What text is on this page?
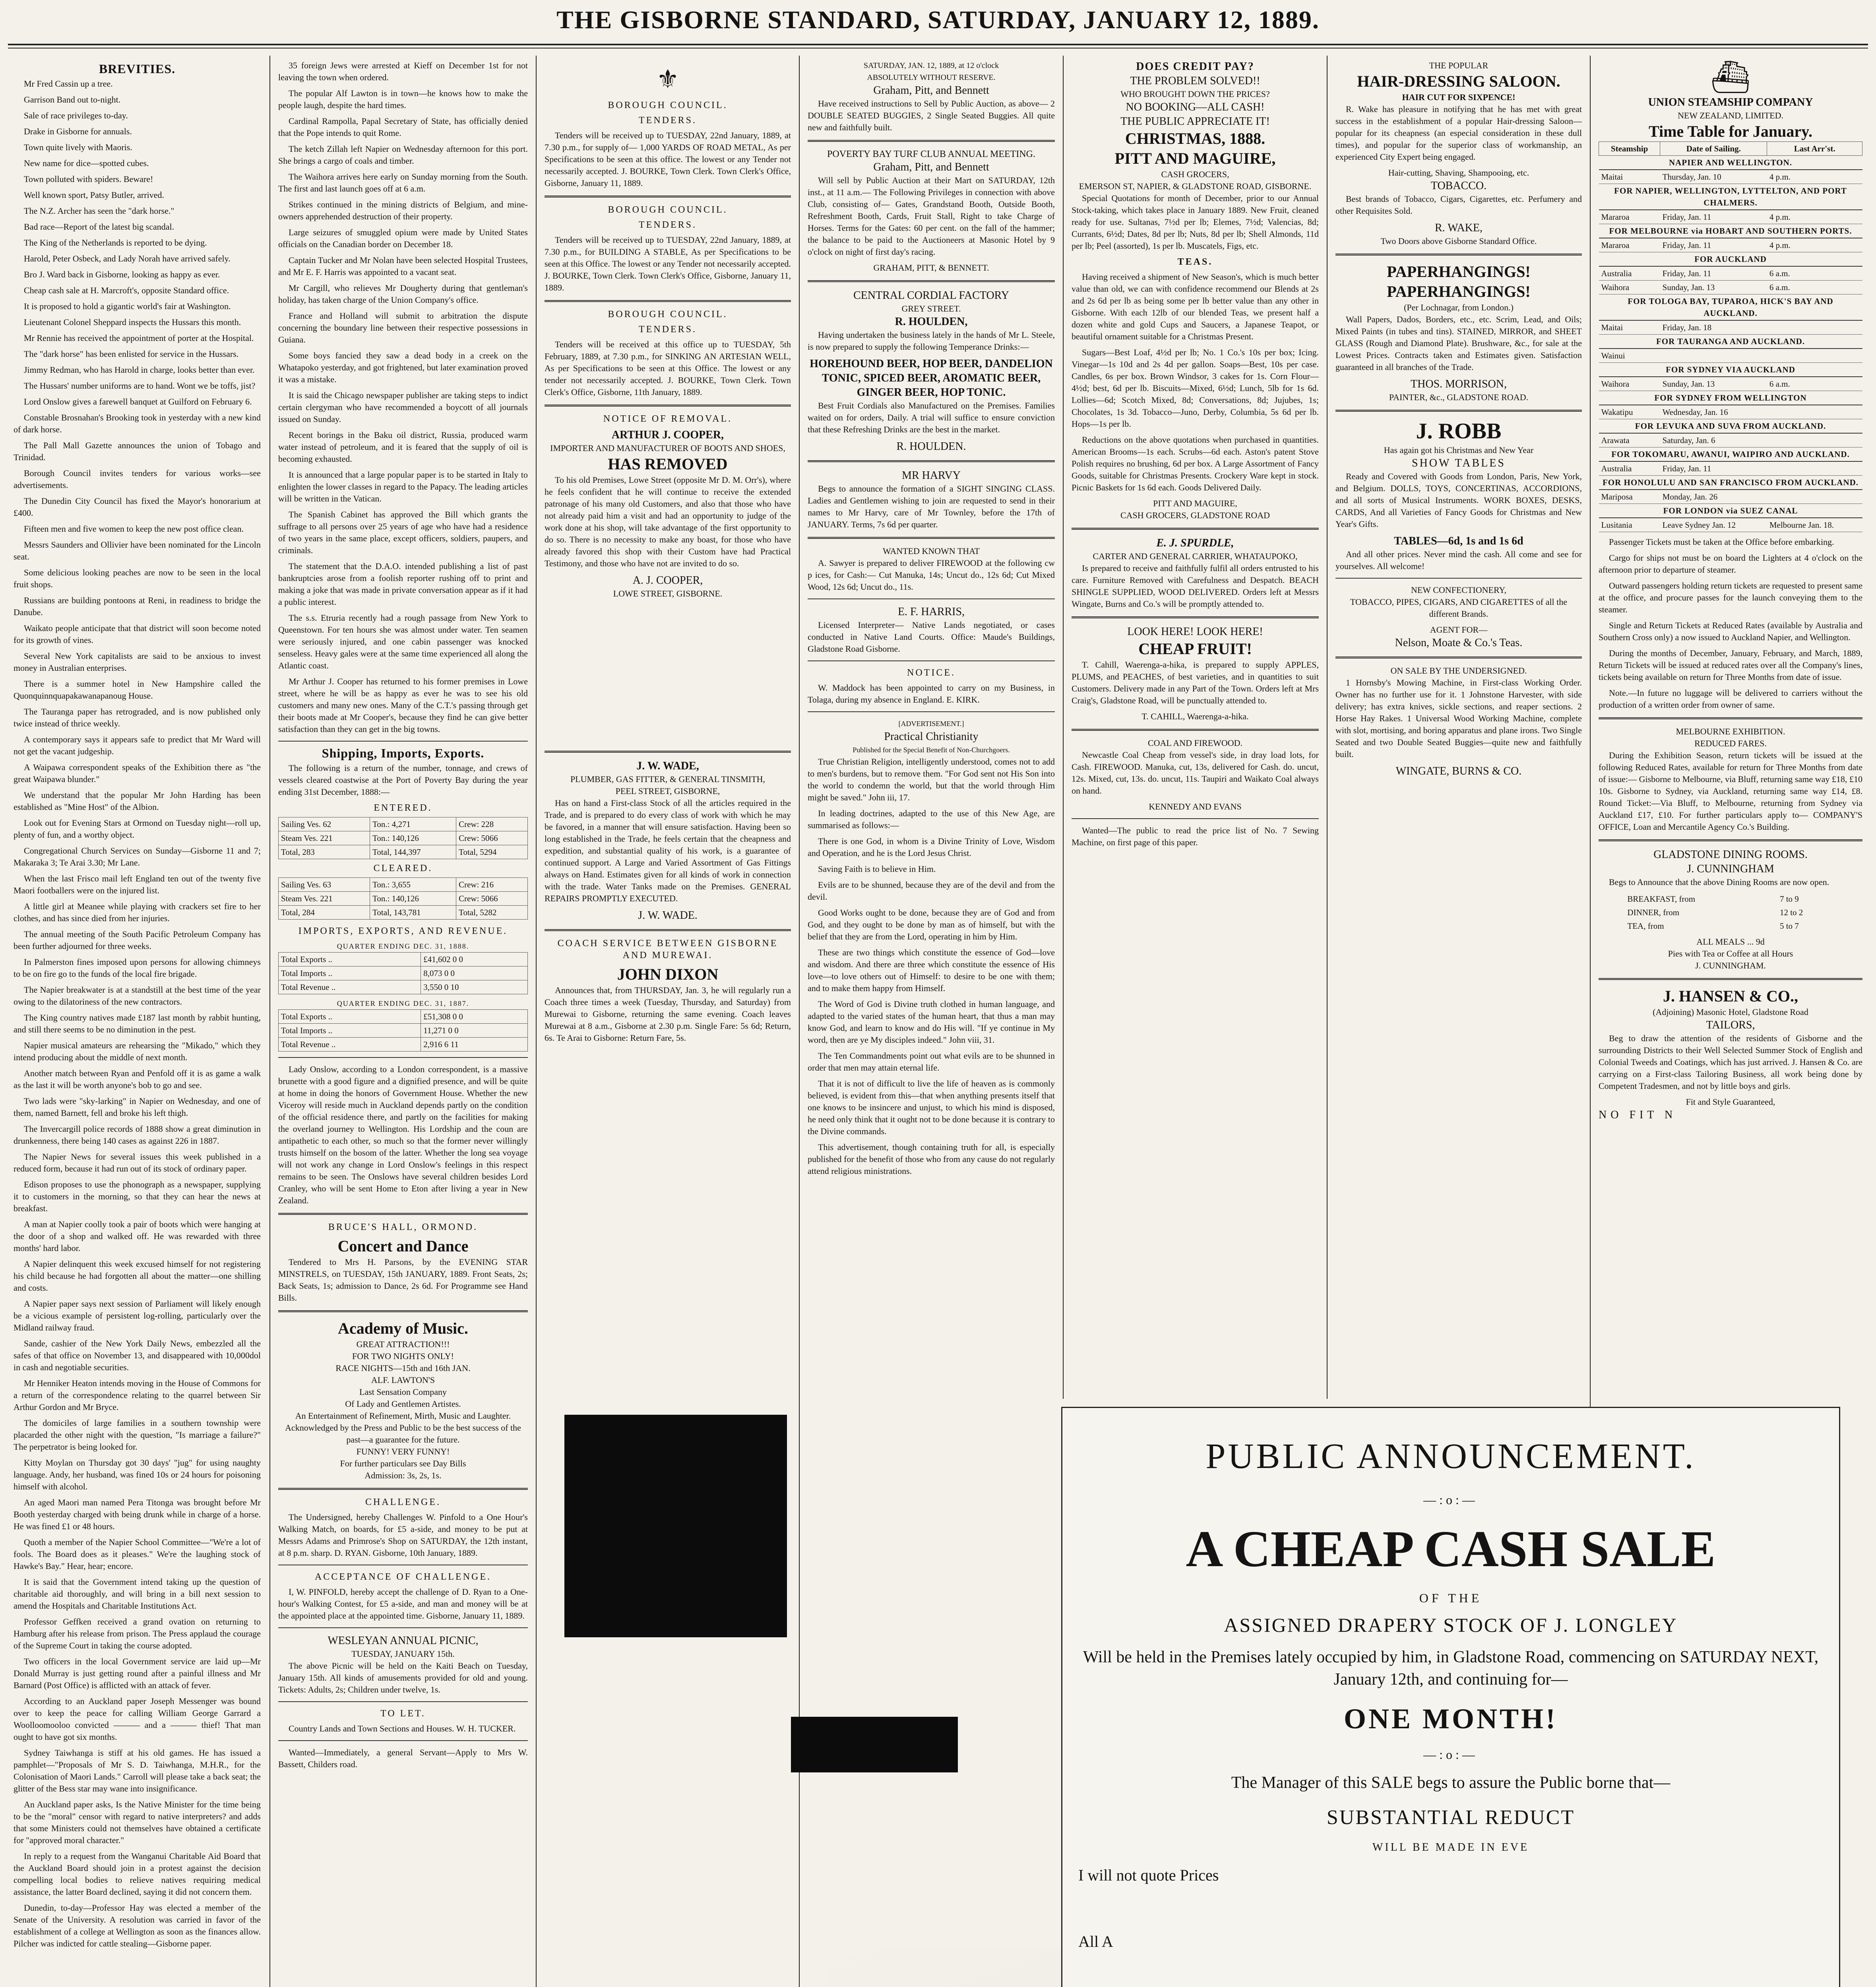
THE GISBORNE STANDARD, SATURDAY, JANUARY 12, 1889.
BREVITIES.

Mr Fred Cassin up a tree.

Garrison Band out to-night.

Sale of race privileges to-day.

Drake in Gisborne for annuals.

Town quite lively with Maoris.

New name for dice—spotted cubes.

Town polluted with spiders. Beware!

Well known sport, Patsy Butler, arrived.

The N.Z. Archer has seen the "dark horse."

Bad race—Report of the latest big scandal.

The King of the Netherlands is reported to be dying.

Harold, Peter Osbeck, and Lady Norah have arrived safely.

Bro J. Ward back in Gisborne, looking as happy as ever.

Cheap cash sale at H. Marcroft's, opposite Standard office.

It is proposed to hold a gigantic world's fair at Washington.

Lieutenant Colonel Sheppard inspects the Hussars this month.

Mr Rennie has received the appointment of porter at the Hospital.

The "dark horse" has been enlisted for service in the Hussars.

Jimmy Redman, who has Harold in charge, looks better than ever.

The Hussars' number uniforms are to hand. Wont we be toffs, jist?

Lord Onslow gives a farewell banquet at Guilford on February 6.

Constable Brosnahan's Brooking took in yesterday with a new kind of dark horse.

The Pall Mall Gazette announces the union of Tobago and Trinidad.

Borough Council invites tenders for various works—see advertisements.

The Dunedin City Council has fixed the Mayor's honorarium at £400.

Fifteen men and five women to keep the new post office clean.

Messrs Saunders and Ollivier have been nominated for the Lincoln seat.

Some delicious looking peaches are now to be seen in the local fruit shops.

Russians are building pontoons at Reni, in readiness to bridge the Danube.

Waikato people anticipate that that district will soon become noted for its growth of vines.

Several New York capitalists are said to be anxious to invest money in Australian enterprises.

There is a summer hotel in New Hampshire called the Quonquinnquapakawanapanoug House.

The Tauranga paper has retrograded, and is now published only twice instead of thrice weekly.

A contemporary says it appears safe to predict that Mr Ward will not get the vacant judgeship.

A Waipawa correspondent speaks of the Exhibition there as "the great Waipawa blunder."

We understand that the popular Mr John Harding has been established as "Mine Host" of the Albion.

Look out for Evening Stars at Ormond on Tuesday night—roll up, plenty of fun, and a worthy object.

Congregational Church Services on Sunday—Gisborne 11 and 7; Makaraka 3; Te Arai 3.30; Mr Lane.

When the last Frisco mail left England ten out of the twenty five Maori footballers were on the injured list.

A little girl at Meanee while playing with crackers set fire to her clothes, and has since died from her injuries.

The annual meeting of the South Pacific Petroleum Company has been further adjourned for three weeks.

In Palmerston fines imposed upon persons for allowing chimneys to be on fire go to the funds of the local fire brigade.

The Napier breakwater is at a standstill at the best time of the year owing to the dilatoriness of the new contractors.

The King country natives made £187 last month by rabbit hunting, and still there seems to be no diminution in the pest.

Napier musical amateurs are rehearsing the "Mikado," which they intend producing about the middle of next month.

Another match between Ryan and Penfold off it is as game a walk as the last it will be worth anyone's bob to go and see.

Two lads were "sky-larking" in Napier on Wednesday, and one of them, named Barnett, fell and broke his left thigh.

The Invercargill police records of 1888 show a great diminution in drunkenness, there being 140 cases as against 226 in 1887.

The Napier News for several issues this week published in a reduced form, because it had run out of its stock of ordinary paper.

Edison proposes to use the phonograph as a newspaper, supplying it to customers in the morning, so that they can hear the news at breakfast.

A man at Napier coolly took a pair of boots which were hanging at the door of a shop and walked off. He was rewarded with three months' hard labor.

A Napier delinquent this week excused himself for not registering his child because he had forgotten all about the matter—one shilling and costs.

A Napier paper says next session of Parliament will likely enough be a vicious example of persistent log-rolling, particularly over the Midland railway fraud.

Sande, cashier of the New York Daily News, embezzled all the safes of that office on November 13, and disappeared with 10,000dol in cash and negotiable securities.

Mr Henniker Heaton intends moving in the House of Commons for a return of the correspondence relating to the quarrel between Sir Arthur Gordon and Mr Bryce.

The domiciles of large families in a southern township were placarded the other night with the question, "Is marriage a failure?" The perpetrator is being looked for.

Kitty Moylan on Thursday got 30 days' "jug" for using naughty language. Andy, her husband, was fined 10s or 24 hours for poisoning himself with alcohol.

An aged Maori man named Pera Titonga was brought before Mr Booth yesterday charged with being drunk while in charge of a horse. He was fined £1 or 48 hours.

Quoth a member of the Napier School Committee—"We're a lot of fools. The Board does as it pleases." We're the laughing stock of Hawke's Bay." Hear, hear; encore.

It is said that the Government intend taking up the question of charitable aid thoroughly, and will bring in a bill next session to amend the Hospitals and Charitable Institutions Act.

Professor Geffken received a grand ovation on returning to Hamburg after his release from prison. The Press applaud the courage of the Supreme Court in taking the course adopted.

Two officers in the local Government service are laid up—Mr Donald Murray is just getting round after a painful illness and Mr Barnard (Post Office) is afflicted with an attack of fever.

According to an Auckland paper Joseph Messenger was bound over to keep the peace for calling William George Garrard a Woolloomooloo convicted ——— and a ——— thief! That man ought to have got six months.

Sydney Taiwhanga is stiff at his old games. He has issued a pamphlet—"Proposals of Mr S. D. Taiwhanga, M.H.R., for the Colonisation of Maori Lands." Carroll will please take a back seat; the glitter of the Bess star may wane into insignificance.

An Auckland paper asks, Is the Native Minister for the time being to be the "moral" censor with regard to native interpreters? and adds that some Ministers could not themselves have obtained a certificate for "approved moral character."

In reply to a request from the Wanganui Charitable Aid Board that the Auckland Board should join in a protest against the decision compelling local bodies to relieve natives requiring medical assistance, the latter Board declined, saying it did not concern them.

Dunedin, to-day—Professor Hay was elected a member of the Senate of the University. A resolution was carried in favor of the establishment of a college at Wellington as soon as the finances allow. Pilcher was indicted for cattle stealing—Gisborne paper.

35 foreign Jews were arrested at Kieff on December 1st for not leaving the town when ordered.

The popular Alf Lawton is in town—he knows how to make the people laugh, despite the hard times.

Cardinal Rampolla, Papal Secretary of State, has officially denied that the Pope intends to quit Rome.

The ketch Zillah left Napier on Wednesday afternoon for this port. She brings a cargo of coals and timber.

The Waihora arrives here early on Sunday morning from the South. The first and last launch goes off at 6 a.m.

Strikes continued in the mining districts of Belgium, and mine-owners apprehended destruction of their property.

Large seizures of smuggled opium were made by United States officials on the Canadian border on December 18.

Captain Tucker and Mr Nolan have been selected Hospital Trustees, and Mr E. F. Harris was appointed to a vacant seat.

Mr Cargill, who relieves Mr Dougherty during that gentleman's holiday, has taken charge of the Union Company's office.

France and Holland will submit to arbitration the dispute concerning the boundary line between their respective possessions in Guiana.

Some boys fancied they saw a dead body in a creek on the Whatapoko yesterday, and got frightened, but later examination proved it was a mistake.

It is said the Chicago newspaper publisher are taking steps to indict certain clergyman who have recommended a boycott of all journals issued on Sunday.

Recent borings in the Baku oil district, Russia, produced warm water instead of petroleum, and it is feared that the supply of oil is becoming exhausted.

It is announced that a large popular paper is to be started in Italy to enlighten the lower classes in regard to the Papacy. The leading articles will be written in the Vatican.

The Spanish Cabinet has approved the Bill which grants the suffrage to all persons over 25 years of age who have had a residence of two years in the same place, except officers, soldiers, paupers, and criminals.

The statement that the D.A.O. intended publishing a list of past bankruptcies arose from a foolish reporter rushing off to print and making a joke that was made in private conversation appear as if it had a public interest.

The s.s. Etruria recently had a rough passage from New York to Queenstown. For ten hours she was almost under water. Ten seamen were seriously injured, and one cabin passenger was knocked senseless. Heavy gales were at the same time experienced all along the Atlantic coast.

Mr Arthur J. Cooper has returned to his former premises in Lowe street, where he will be as happy as ever he was to see his old customers and many new ones. Many of the C.T.'s passing through get their boots made at Mr Cooper's, because they find he can give better satisfaction than they can get in the big towns.

Shipping, Imports, Exports.

The following is a return of the number, tonnage, and crews of vessels cleared coastwise at the Port of Poverty Bay during the year ending 31st December, 1888:—

ENTERED.
Sailing Ves. 62	Ton.: 4,271	Crew: 228
Steam Ves. 221	Ton.: 140,126	Crew: 5066
Total, 283	Total, 144,397	Total, 5294
CLEARED.
Sailing Ves. 63	Ton.: 3,655	Crew: 216
Steam Ves. 221	Ton.: 140,126	Crew: 5066
Total, 284	Total, 143,781	Total, 5282
IMPORTS, EXPORTS, AND REVENUE.
QUARTER ENDING DEC. 31, 1888.
Total Exports ..	£41,602 0 0
Total Imports ..	8,073 0 0
Total Revenue ..	3,550 0 10
QUARTER ENDING DEC. 31, 1887.
Total Exports ..	£51,308 0 0
Total Imports ..	11,271 0 0
Total Revenue ..	2,916 6 11

Lady Onslow, according to a London correspondent, is a massive brunette with a good figure and a dignified presence, and will be quite at home in doing the honors of Government House. Whether the new Viceroy will reside much in Auckland depends partly on the condition of the official residence there, and partly on the facilities for making the overland journey to Wellington. His Lordship and the coun are antipathetic to each other, so much so that the former never willingly trusts himself on the bosom of the latter. Whether the long sea voyage will not work any change in Lord Onslow's feelings in this respect remains to be seen. The Onslows have several children besides Lord Cranley, who will be sent Home to Eton after living a year in New Zealand.

BRUCE'S HALL, ORMOND.
Concert and Dance

Tendered to Mrs H. Parsons, by the EVENING STAR MINSTRELS, on TUESDAY, 15th JANUARY, 1889. Front Seats, 2s; Back Seats, 1s; admission to Dance, 2s 6d. For Programme see Hand Bills.

Academy of Music.
GREAT ATTRACTION!!!
FOR TWO NIGHTS ONLY!
RACE NIGHTS—15th and 16th JAN.
ALF. LAWTON'S
Last Sensation Company
Of Lady and Gentlemen Artistes.
An Entertainment of Refinement, Mirth, Music and Laughter.
Acknowledged by the Press and Public to be the best success of the past—a guarantee for the future.
FUNNY! VERY FUNNY!
For further particulars see Day Bills
Admission: 3s, 2s, 1s.
CHALLENGE.

The Undersigned, hereby Challenges W. Pinfold to a One Hour's Walking Match, on boards, for £5 a-side, and money to be put at Messrs Adams and Primrose's Shop on SATURDAY, the 12th instant, at 8 p.m. sharp. D. RYAN. Gisborne, 10th January, 1889.

ACCEPTANCE OF CHALLENGE.

I, W. PINFOLD, hereby accept the challenge of D. Ryan to a One-hour's Walking Contest, for £5 a-side, and man and money will be at the appointed place at the appointed time. Gisborne, January 11, 1889.

WESLEYAN ANNUAL PICNIC,
TUESDAY, JANUARY 15th.

The above Picnic will be held on the Kaiti Beach on Tuesday, January 15th. All kinds of amusements provided for old and young. Tickets: Adults, 2s; Children under twelve, 1s.

TO LET.

Country Lands and Town Sections and Houses. W. H. TUCKER.

Wanted—Immediately, a general Servant—Apply to Mrs W. Bassett, Childers road.

⚜
BOROUGH COUNCIL.
TENDERS.

Tenders will be received up to TUESDAY, 22nd January, 1889, at 7.30 p.m., for supply of— 1,000 YARDS OF ROAD METAL, As per Specifications to be seen at this office. The lowest or any Tender not necessarily accepted. J. BOURKE, Town Clerk. Town Clerk's Office, Gisborne, January 11, 1889.

BOROUGH COUNCIL.
TENDERS.

Tenders will be received up to TUESDAY, 22nd January, 1889, at 7.30 p.m., for BUILDING A STABLE, As per Specifications to be seen at this Office. The lowest or any Tender not necessarily accepted. J. BOURKE, Town Clerk. Town Clerk's Office, Gisborne, January 11, 1889.

BOROUGH COUNCIL.
TENDERS.

Tenders will be received at this office up to TUESDAY, 5th February, 1889, at 7.30 p.m., for SINKING AN ARTESIAN WELL, As per Specifications to be seen at this Office. The lowest or any tender not necessarily accepted. J. BOURKE, Town Clerk. Town Clerk's Office, Gisborne, 11th January, 1889.

NOTICE OF REMOVAL.
ARTHUR J. COOPER,
IMPORTER AND MANUFACTURER OF BOOTS AND SHOES,
HAS REMOVED

To his old Premises, Lowe Street (opposite Mr D. M. Orr's), where he feels confident that he will continue to receive the extended patronage of his many old Customers, and also that those who have not already paid him a visit and had an opportunity to judge of the work done at his shop, will take advantage of the first opportunity to do so. There is no necessity to make any boast, for those who have already favored this shop with their Custom have had Practical Testimony, and those who have not are invited to do so.

A. J. COOPER,
LOWE STREET, GISBORNE.
J. W. WADE,
PLUMBER, GAS FITTER, & GENERAL TINSMITH,
PEEL STREET, GISBORNE,

Has on hand a First-class Stock of all the articles required in the Trade, and is prepared to do every class of work with which he may be favored, in a manner that will ensure satisfaction. Having been so long established in the Trade, he feels certain that the cheapness and expedition, and substantial quality of his work, is a guarantee of continued support. A Large and Varied Assortment of Gas Fittings always on Hand. Estimates given for all kinds of work in connection with the trade. Water Tanks made on the Premises. GENERAL REPAIRS PROMPTLY EXECUTED.

J. W. WADE.
COACH SERVICE BETWEEN GISBORNE AND MUREWAI.
JOHN DIXON

Announces that, from THURSDAY, Jan. 3, he will regularly run a Coach three times a week (Tuesday, Thursday, and Saturday) from Murewai to Gisborne, returning the same evening. Coach leaves Murewai at 8 a.m., Gisborne at 2.30 p.m. Single Fare: 5s 6d; Return, 6s. Te Arai to Gisborne: Return Fare, 5s.

SATURDAY, JAN. 12, 1889, at 12 o'clock
ABSOLUTELY WITHOUT RESERVE.
Graham, Pitt, and Bennett

Have received instructions to Sell by Public Auction, as above— 2 DOUBLE SEATED BUGGIES, 2 Single Seated Buggies. All quite new and faithfully built.

POVERTY BAY TURF CLUB ANNUAL MEETING.
Graham, Pitt, and Bennett

Will sell by Public Auction at their Mart on SATURDAY, 12th inst., at 11 a.m.— The Following Privileges in connection with above Club, consisting of— Gates, Grandstand Booth, Outside Booth, Refreshment Booth, Cards, Fruit Stall, Right to take Charge of Horses. Terms for the Gates: 60 per cent. on the fall of the hammer; the balance to be paid to the Auctioneers at Masonic Hotel by 9 o'clock on night of first day's racing.

GRAHAM, PITT, & BENNETT.
CENTRAL CORDIAL FACTORY
GREY STREET.
R. HOULDEN,

Having undertaken the business lately in the hands of Mr L. Steele, is now prepared to supply the following Temperance Drinks:—

HOREHOUND BEER, HOP BEER, DANDELION TONIC, SPICED BEER, AROMATIC BEER, GINGER BEER, HOP TONIC.

Best Fruit Cordials also Manufactured on the Premises. Families waited on for orders, Daily. A trial will suffice to ensure conviction that these Refreshing Drinks are the best in the market.

R. HOULDEN.
MR HARVY

Begs to announce the formation of a SIGHT SINGING CLASS. Ladies and Gentlemen wishing to join are requested to send in their names to Mr Harvy, care of Mr Townley, before the 17th of JANUARY. Terms, 7s 6d per quarter.

WANTED KNOWN THAT

A. Sawyer is prepared to deliver FIREWOOD at the following cw p ices, for Cash:— Cut Manuka, 14s; Uncut do., 12s 6d; Cut Mixed Wood, 12s 6d; Uncut do., 11s.

E. F. HARRIS,

Licensed Interpreter— Native Lands negotiated, or cases conducted in Native Land Courts. Office: Maude's Buildings, Gladstone Road Gisborne.

NOTICE.

W. Maddock has been appointed to carry on my Business, in Tolaga, during my absence in England. E. KIRK.

[ADVERTISEMENT.]
Practical Christianity
Published for the Special Benefit of Non-Churchgoers.

True Christian Religion, intelligently understood, comes not to add to men's burdens, but to remove them. "For God sent not His Son into the world to condemn the world, but that the world through Him might be saved." John iii, 17.

In leading doctrines, adapted to the use of this New Age, are summarised as follows:—

There is one God, in whom is a Divine Trinity of Love, Wisdom and Operation, and he is the Lord Jesus Christ.

Saving Faith is to believe in Him.

Evils are to be shunned, because they are of the devil and from the devil.

Good Works ought to be done, because they are of God and from God, and they ought to be done by man as of himself, but with the belief that they are from the Lord, operating in him by Him.

These are two things which constitute the essence of God—love and wisdom. And there are three which constitute the essence of His love—to love others out of Himself: to desire to be one with them; and to make them happy from Himself.

The Word of God is Divine truth clothed in human language, and adapted to the varied states of the human heart, that thus a man may know God, and learn to know and do His will. "If ye continue in My word, then are ye My disciples indeed." John viii, 31.

The Ten Commandments point out what evils are to be shunned in order that men may attain eternal life.

That it is not of difficult to live the life of heaven as is commonly believed, is evident from this—that when anything presents itself that one knows to be insincere and unjust, to which his mind is disposed, he need only think that it ought not to be done because it is contrary to the Divine commands.

This advertisement, though containing truth for all, is especially published for the benefit of those who from any cause do not regularly attend religious ministrations.

DOES CREDIT PAY?
THE PROBLEM SOLVED!!
WHO BROUGHT DOWN THE PRICES?
NO BOOKING—ALL CASH!
THE PUBLIC APPRECIATE IT!
CHRISTMAS, 1888.
PITT AND MAGUIRE,
CASH GROCERS,
EMERSON ST, NAPIER, & GLADSTONE ROAD, GISBORNE.

Special Quotations for month of December, prior to our Annual Stock-taking, which takes place in January 1889. New Fruit, cleaned ready for use. Sultanas, 7½d per lb; Elemes, 7½d; Valencias, 8d; Currants, 6½d; Dates, 8d per lb; Nuts, 8d per lb; Shell Almonds, 11d per lb; Peel (assorted), 1s per lb. Muscatels, Figs, etc.

TEAS.

Having received a shipment of New Season's, which is much better value than old, we can with confidence recommend our Blends at 2s and 2s 6d per lb as being some per lb better value than any other in Gisborne. With each 12lb of our blended Teas, we present half a dozen white and gold Cups and Saucers, a Japanese Teapot, or beautiful ornament suitable for a Christmas Present.

Sugars—Best Loaf, 4½d per lb; No. 1 Co.'s 10s per box; Icing. Vinegar—1s 10d and 2s 4d per gallon. Soaps—Best, 10s per case. Candles, 6s per box. Brown Windsor, 3 cakes for 1s. Corn Flour—4½d; best, 6d per lb. Biscuits—Mixed, 6½d; Lunch, 5lb for 1s 6d. Lollies—6d; Scotch Mixed, 8d; Conversations, 8d; Jujubes, 1s; Chocolates, 1s 3d. Tobacco—Juno, Derby, Columbia, 5s 6d per lb. Hops—1s per lb.

Reductions on the above quotations when purchased in quantities. American Brooms—1s each. Scrubs—6d each. Aston's patent Stove Polish requires no brushing, 6d per box. A Large Assortment of Fancy Goods, suitable for Christmas Presents. Crockery Ware kept in stock. Picnic Baskets for 1s 6d each. Goods Delivered Daily.

PITT AND MAGUIRE,
CASH GROCERS, GLADSTONE ROAD
E. J. SPURDLE,
CARTER AND GENERAL CARRIER, WHATAUPOKO,

Is prepared to receive and faithfully fulfil all orders entrusted to his care. Furniture Removed with Carefulness and Despatch. BEACH SHINGLE SUPPLIED, WOOD DELIVERED. Orders left at Messrs Wingate, Burns and Co.'s will be promptly attended to.

LOOK HERE! LOOK HERE!
CHEAP FRUIT!

T. Cahill, Waerenga-a-hika, is prepared to supply APPLES, PLUMS, and PEACHES, of best varieties, and in quantities to suit Customers. Delivery made in any Part of the Town. Orders left at Mrs Craig's, Gladstone Road, will be punctually attended to.

T. CAHILL, Waerenga-a-hika.
COAL AND FIREWOOD.

Newcastle Coal Cheap from vessel's side, in dray load lots, for Cash. FIREWOOD. Manuka, cut, 13s, delivered for Cash. do. uncut, 12s. Mixed, cut, 13s. do. uncut, 11s. Taupiri and Waikato Coal always on hand.

KENNEDY AND EVANS

Wanted—The public to read the price list of No. 7 Sewing Machine, on first page of this paper.

THE POPULAR
HAIR-DRESSING SALOON.
HAIR CUT FOR SIXPENCE!

R. Wake has pleasure in notifying that he has met with great success in the establishment of a popular Hair-dressing Saloon—popular for its cheapness (an especial consideration in these dull times), and popular for the superior class of workmanship, an experienced City Expert being engaged.

Hair-cutting, Shaving, Shampooing, etc.
TOBACCO.

Best brands of Tobacco, Cigars, Cigarettes, etc. Perfumery and other Requisites Sold.

R. WAKE,
Two Doors above Gisborne Standard Office.
PAPERHANGINGS!
PAPERHANGINGS!
(Per Lochnagar, from London.)

Wall Papers, Dados, Borders, etc., etc. Scrim, Lead, and Oils; Mixed Paints (in tubes and tins). STAINED, MIRROR, and SHEET GLASS (Rough and Diamond Plate). Brushware, &c., for sale at the Lowest Prices. Contracts taken and Estimates given. Satisfaction guaranteed in all branches of the Trade.

THOS. MORRISON,
PAINTER, &c., GLADSTONE ROAD.
J. ROBB
Has again got his Christmas and New Year
SHOW TABLES

Ready and Covered with Goods from London, Paris, New York, and Belgium. DOLLS, TOYS, CONCERTINAS, ACCORDIONS, and all sorts of Musical Instruments. WORK BOXES, DESKS, CARDS, And all Varieties of Fancy Goods for Christmas and New Year's Gifts.

TABLES—6d, 1s and 1s 6d

And all other prices. Never mind the cash. All come and see for yourselves. All welcome!

NEW CONFECTIONERY,
TOBACCO, PIPES, CIGARS, AND CIGARETTES of all the different Brands.
AGENT FOR—
Nelson, Moate & Co.'s Teas.
ON SALE BY THE UNDERSIGNED.

1 Hornsby's Mowing Machine, in First-class Working Order. Owner has no further use for it. 1 Johnstone Harvester, with side delivery; has extra knives, sickle sections, and reaper sections. 2 Horse Hay Rakes. 1 Universal Wood Working Machine, complete with slot, mortising, and boring apparatus and plane irons. Two Single Seated and two Double Seated Buggies—quite new and faithfully built.

WINGATE, BURNS & CO.
⛴
UNION STEAMSHIP COMPANY
NEW ZEALAND, LIMITED.
Time Table for January.
Steamship	Date of Sailing.	Last Arr'st.
NAPIER AND WELLINGTON.		
Maitai	Thursday, Jan. 10	4 p.m.
FOR NAPIER, WELLINGTON, LYTTELTON, AND PORT CHALMERS.		
Mararoa	Friday, Jan. 11	4 p.m.
FOR MELBOURNE via HOBART AND SOUTHERN PORTS.		
Mararoa	Friday, Jan. 11	4 p.m.
FOR AUCKLAND		
Australia	Friday, Jan. 11	6 a.m.
Waihora	Sunday, Jan. 13	6 a.m.
FOR TOLOGA BAY, TUPAROA, HICK'S BAY AND AUCKLAND.		
Maitai	Friday, Jan. 18	
FOR TAURANGA AND AUCKLAND.		
Wainui		
FOR SYDNEY VIA AUCKLAND		
Waihora	Sunday, Jan. 13	6 a.m.
FOR SYDNEY FROM WELLINGTON		
Wakatipu	Wednesday, Jan. 16	
FOR LEVUKA AND SUVA FROM AUCKLAND.		
Arawata	Saturday, Jan. 6	
FOR TOKOMARU, AWANUI, WAIPIRO AND AUCKLAND.		
Australia	Friday, Jan. 11	
FOR HONOLULU AND SAN FRANCISCO FROM AUCKLAND.		
Mariposa	Monday, Jan. 26	
FOR LONDON via SUEZ CANAL		
Lusitania	Leave Sydney Jan. 12	Melbourne Jan. 18.

Passenger Tickets must be taken at the Office before embarking.

Cargo for ships not must be on board the Lighters at 4 o'clock on the afternoon prior to departure of steamer.

Outward passengers holding return tickets are requested to present same at the office, and procure passes for the launch conveying them to the steamer.

Single and Return Tickets at Reduced Rates (available by Australia and Southern Cross only) a now issued to Auckland Napier, and Wellington.

During the months of December, January, February, and March, 1889, Return Tickets will be issued at reduced rates over all the Company's lines, tickets being available on return for Three Months from date of issue.

Note.—In future no luggage will be delivered to carriers without the production of a written order from owner of same.

MELBOURNE EXHIBITION.
REDUCED FARES.

During the Exhibition Season, return tickets will be issued at the following Reduced Rates, available for return for Three Months from date of issue:— Gisborne to Melbourne, via Bluff, returning same way £18, £10 10s. Gisborne to Sydney, via Auckland, returning same way £14, £8. Round Ticket:—Via Bluff, to Melbourne, returning from Sydney via Auckland £17, £10. For further particulars apply to— COMPANY'S OFFICE, Loan and Mercantile Agency Co.'s Building.

GLADSTONE DINING ROOMS.
J. CUNNINGHAM

Begs to Announce that the above Dining Rooms are now open.

BREAKFAST, from	7 to 9
DINNER, from	12 to 2
TEA, from	5 to 7
ALL MEALS ... 9d
Pies with Tea or Coffee at all Hours
J. CUNNINGHAM.
J. HANSEN & CO.,
(Adjoining) Masonic Hotel, Gladstone Road
TAILORS,

Beg to draw the attention of the residents of Gisborne and the surrounding Districts to their Well Selected Summer Stock of English and Colonial Tweeds and Coatings, which has just arrived. J. Hansen & Co. are carrying on a First-class Tailoring Business, all work being done by Competent Tradesmen, and not by little boys and girls.

Fit and Style Guaranteed,
NO FIT N
PUBLIC ANNOUNCEMENT.
—:o:—
A CHEAP CASH SALE
OF THE
ASSIGNED DRAPERY STOCK OF J. LONGLEY
Will be held in the Premises lately occupied by him, in Gladstone Road, commencing on SATURDAY NEXT, January 12th, and continuing for—
ONE MONTH!
—:o:—
The Manager of this SALE begs to assure the Public borne that—
SUBSTANTIAL REDUCT
WILL BE MADE IN EVE
I will not quote Prices
All A
